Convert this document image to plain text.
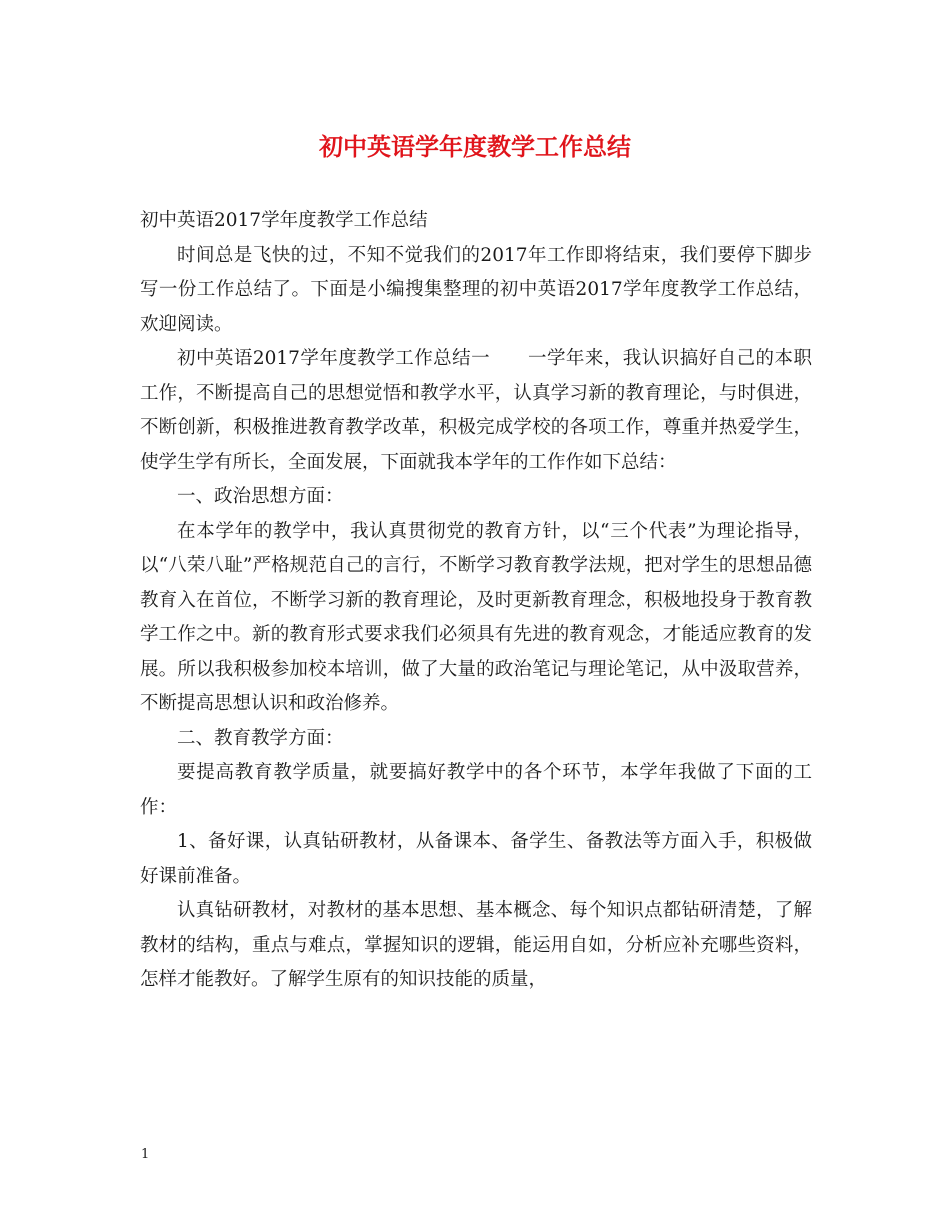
初中英语学年度教学工作总结

初中英语2017学年度教学工作总结

时间总是飞快的过，不知不觉我们的2017年工作即将结束，我们要停下脚步写一份工作总结了。下面是小编搜集整理的初中英语2017学年度教学工作总结，欢迎阅读。

初中英语2017学年度教学工作总结一　　一学年来，我认识搞好自己的本职工作，不断提高自己的思想觉悟和教学水平，认真学习新的教育理论，与时俱进，不断创新，积极推进教育教学改革，积极完成学校的各项工作，尊重并热爱学生，使学生学有所长，全面发展，下面就我本学年的工作作如下总结：

一、政治思想方面：

在本学年的教学中，我认真贯彻党的教育方针，以“三个代表”为理论指导，以“八荣八耻”严格规范自己的言行，不断学习教育教学法规，把对学生的思想品德教育入在首位，不断学习新的教育理论，及时更新教育理念，积极地投身于教育教学工作之中。新的教育形式要求我们必须具有先进的教育观念，才能适应教育的发展。所以我积极参加校本培训，做了大量的政治笔记与理论笔记，从中汲取营养，不断提高思想认识和政治修养。

二、教育教学方面：

要提高教育教学质量，就要搞好教学中的各个环节，本学年我做了下面的工作：

1、备好课，认真钻研教材，从备课本、备学生、备教法等方面入手，积极做好课前准备。

认真钻研教材，对教材的基本思想、基本概念、每个知识点都钻研清楚，了解教材的结构，重点与难点，掌握知识的逻辑，能运用自如，分析应补充哪些资料，怎样才能教好。了解学生原有的知识技能的质量，

1
